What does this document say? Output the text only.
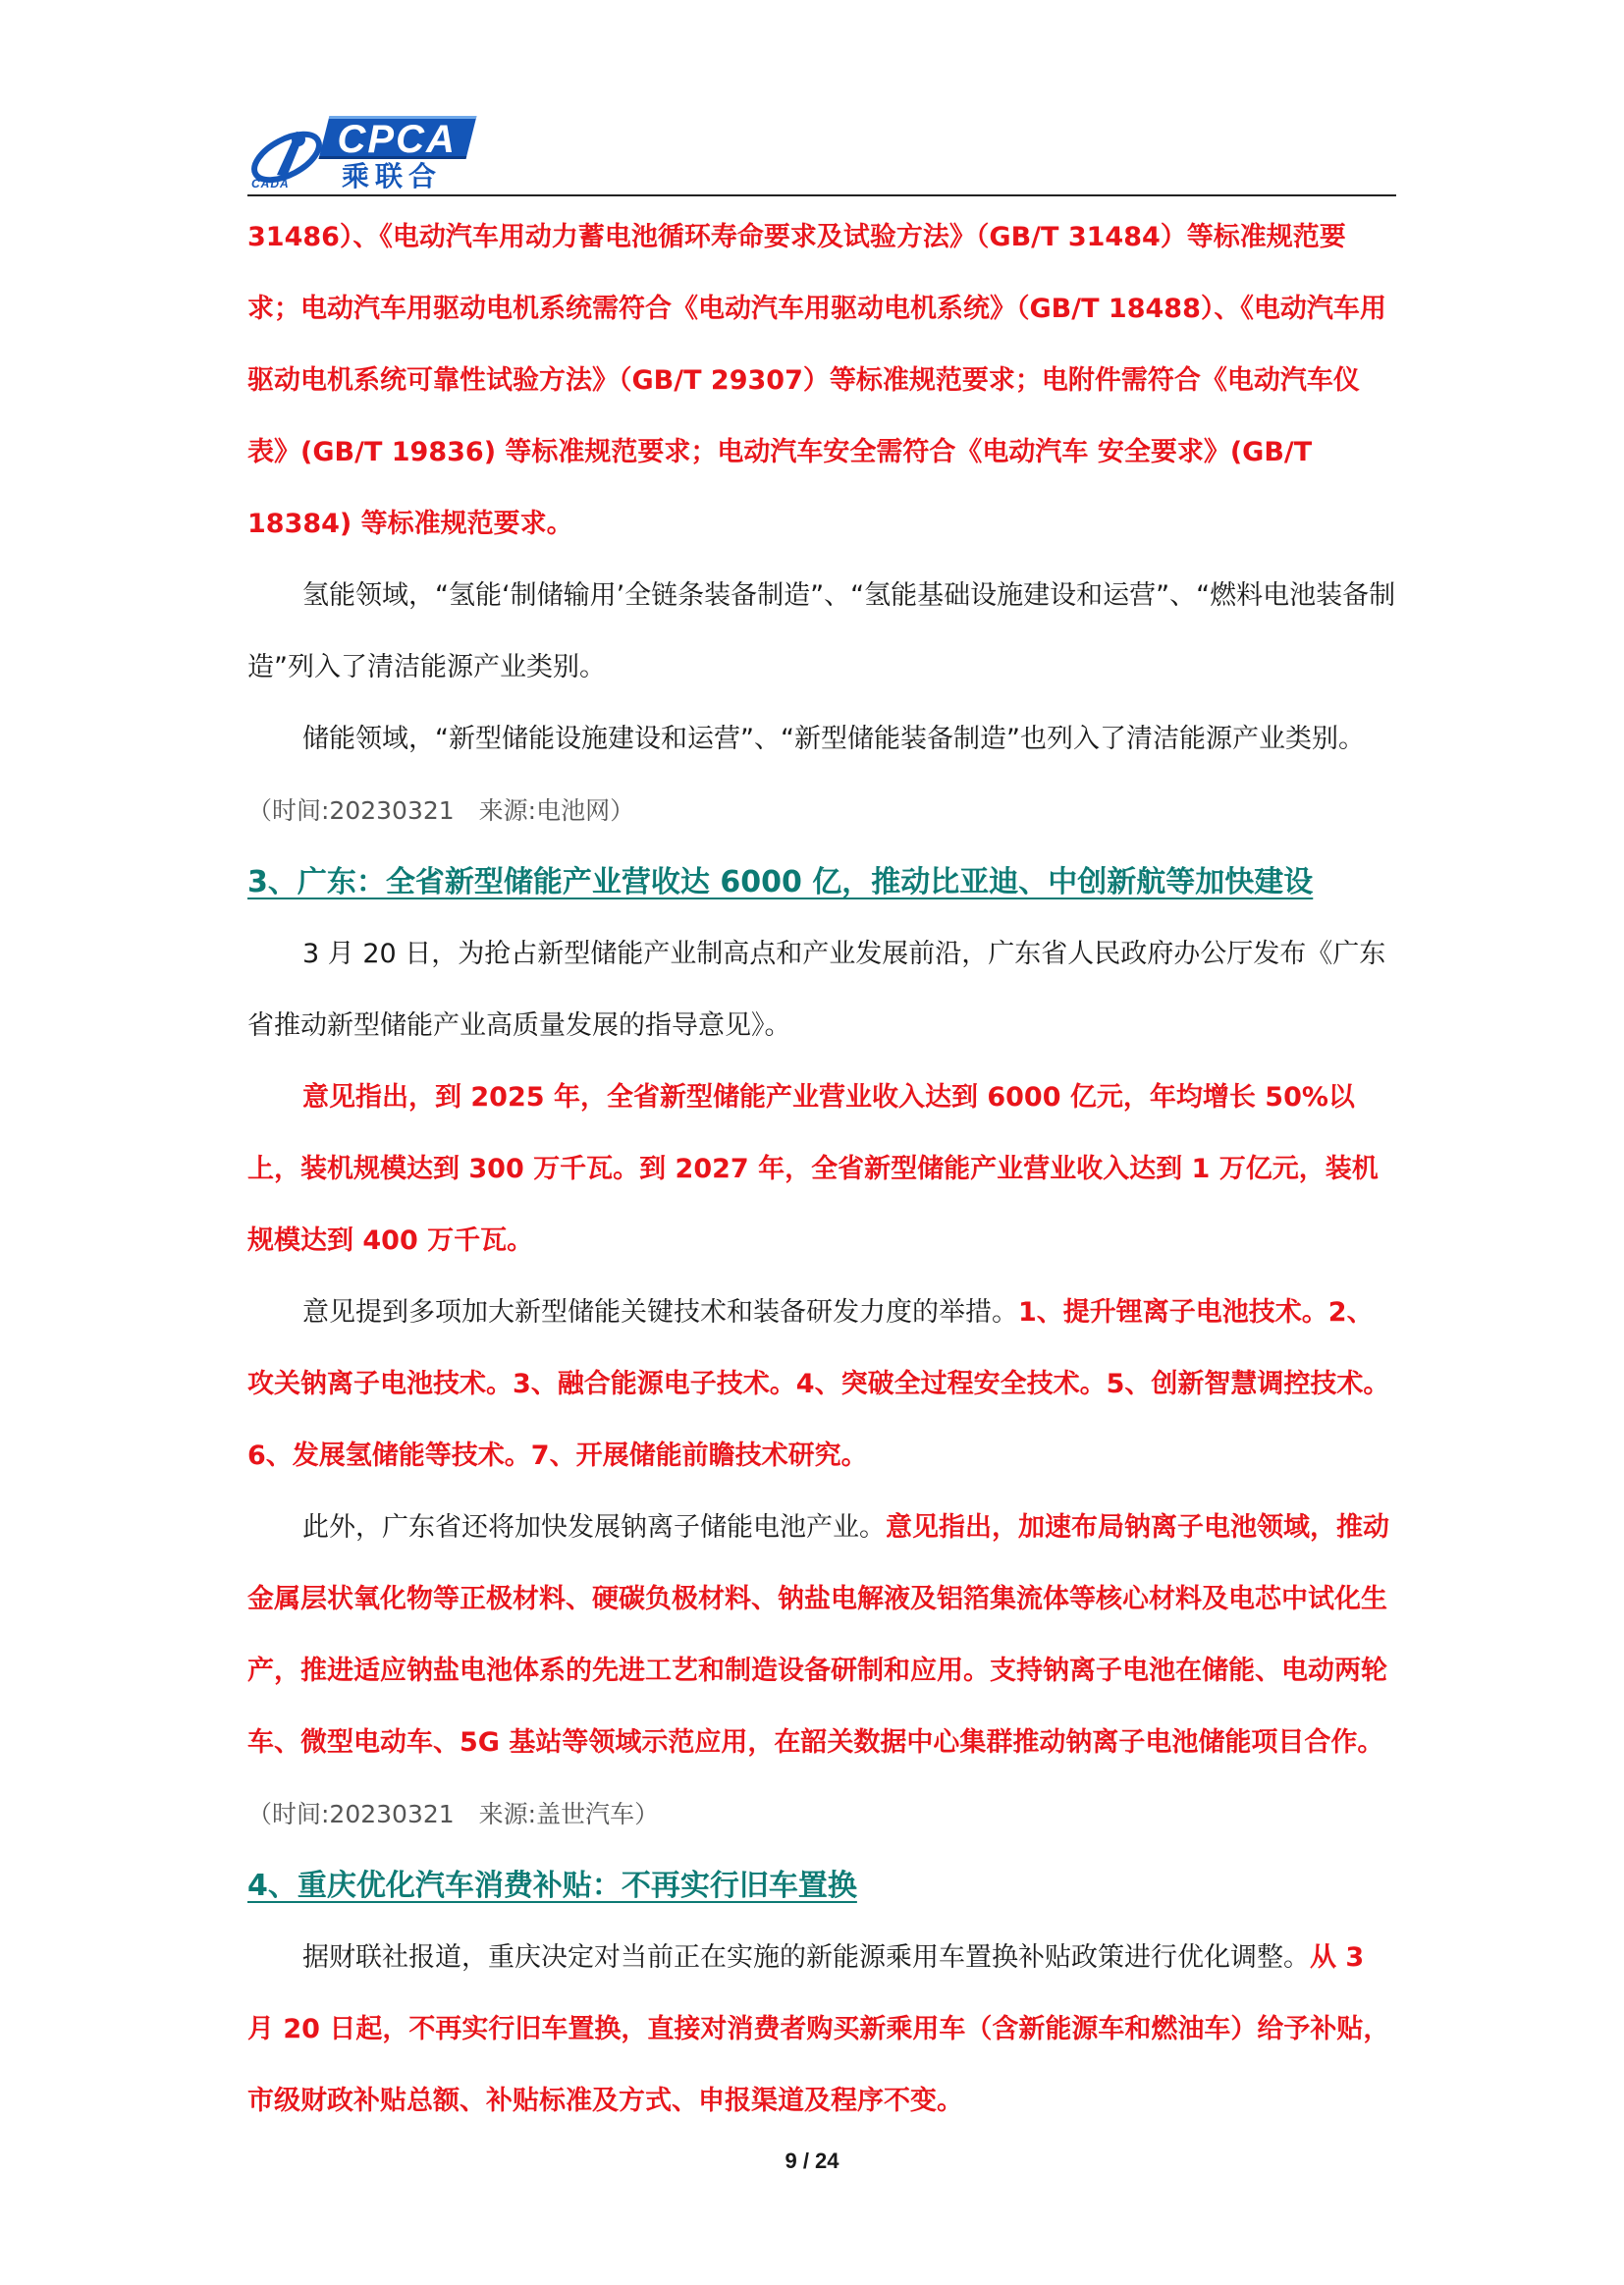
CADA
CPCA
乘联合

31486）、《电动汽车用动力蓄电池循环寿命要求及试验方法》（GB/T 31484）等标准规范要求；电动汽车用驱动电机系统需符合《电动汽车用驱动电机系统》（GB/T 18488）、《电动汽车用驱动电机系统可靠性试验方法》（GB/T 29307）等标准规范要求；电附件需符合《电动汽车仪表》(GB/T 19836) 等标准规范要求；电动汽车安全需符合《电动汽车 安全要求》(GB/T 18384) 等标准规范要求。

氢能领域，“氢能‘制储输用’全链条装备制造”、“氢能基础设施建设和运营”、“燃料电池装备制造”列入了清洁能源产业类别。

储能领域，“新型储能设施建设和运营”、“新型储能装备制造”也列入了清洁能源产业类别。（时间:20230321　来源:电池网）

3、广东：全省新型储能产业营收达 6000 亿，推动比亚迪、中创新航等加快建设

3 月 20 日，为抢占新型储能产业制高点和产业发展前沿，广东省人民政府办公厅发布《广东省推动新型储能产业高质量发展的指导意见》。

意见指出，到 2025 年，全省新型储能产业营业收入达到 6000 亿元，年均增长 50%以上，装机规模达到 300 万千瓦。到 2027 年，全省新型储能产业营业收入达到 1 万亿元，装机规模达到 400 万千瓦。

意见提到多项加大新型储能关键技术和装备研发力度的举措。1、提升锂离子电池技术。2、攻关钠离子电池技术。3、融合能源电子技术。4、突破全过程安全技术。5、创新智慧调控技术。6、发展氢储能等技术。7、开展储能前瞻技术研究。

此外，广东省还将加快发展钠离子储能电池产业。意见指出，加速布局钠离子电池领域，推动金属层状氧化物等正极材料、硬碳负极材料、钠盐电解液及铝箔集流体等核心材料及电芯中试化生产，推进适应钠盐电池体系的先进工艺和制造设备研制和应用。支持钠离子电池在储能、电动两轮车、微型电动车、5G 基站等领域示范应用，在韶关数据中心集群推动钠离子电池储能项目合作。（时间:20230321　来源:盖世汽车）

4、重庆优化汽车消费补贴：不再实行旧车置换

据财联社报道，重庆决定对当前正在实施的新能源乘用车置换补贴政策进行优化调整。从 3 月 20 日起，不再实行旧车置换，直接对消费者购买新乘用车（含新能源车和燃油车）给予补贴，市级财政补贴总额、补贴标准及方式、申报渠道及程序不变。

9 / 24
